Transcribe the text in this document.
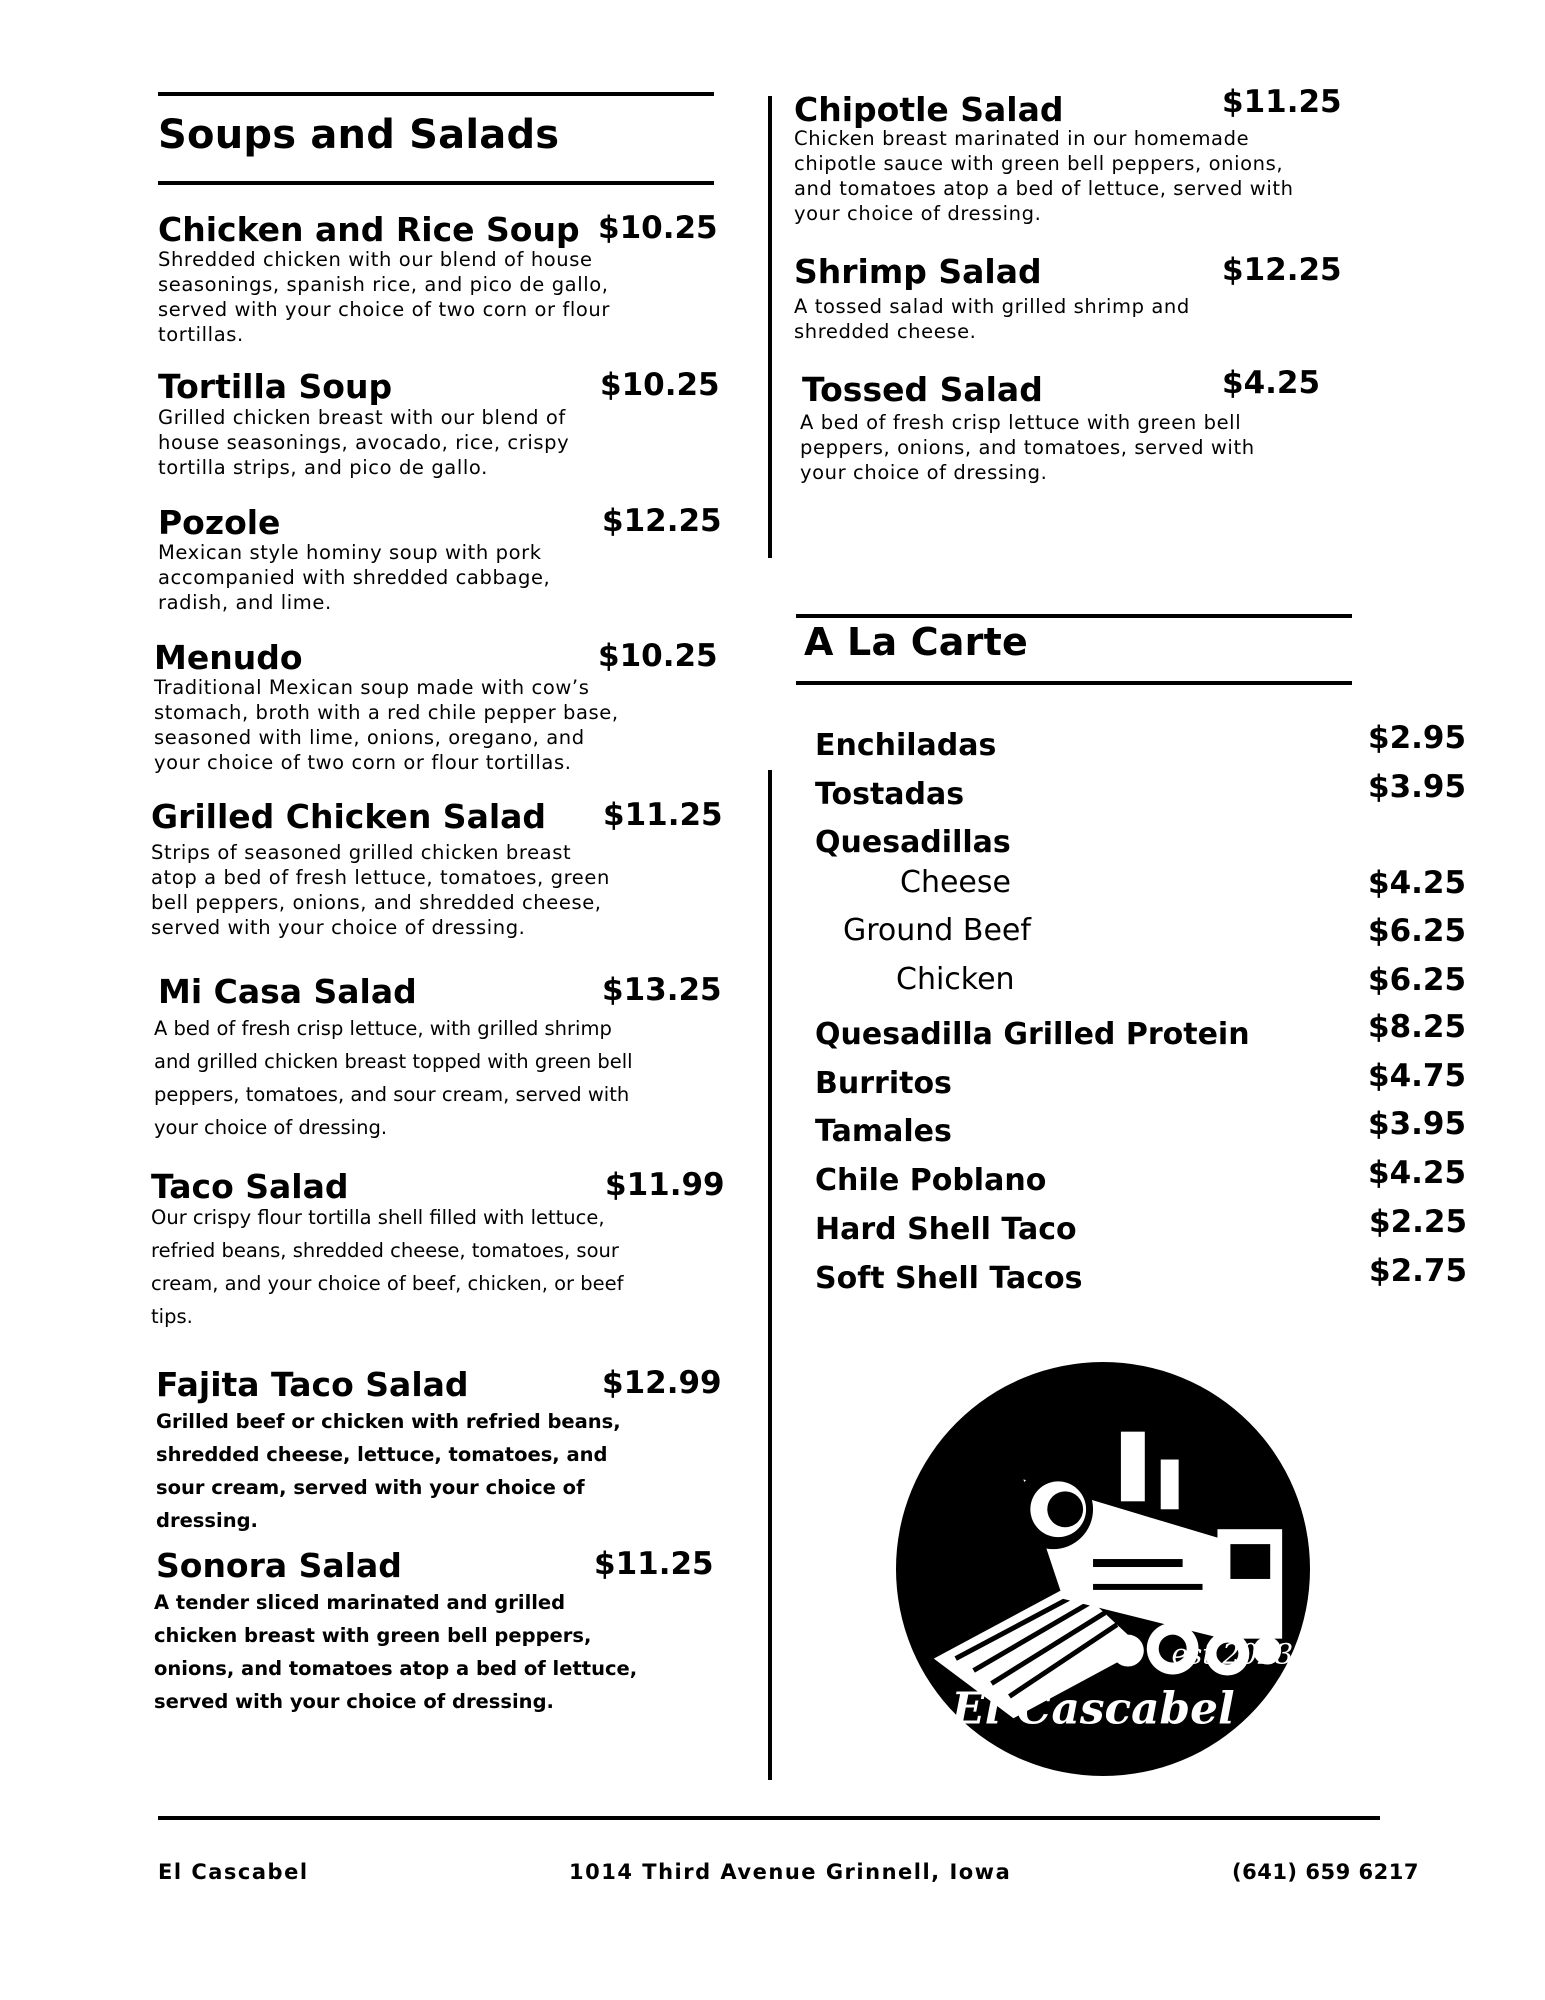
Soups and Salads
Chicken and Rice Soup $10.25
Shredded chicken with our blend of house seasonings, spanish rice, and pico de gallo, served with your choice of two corn or flour tortillas.
Tortilla Soup	$10.25
Grilled chicken breast with our blend of house seasonings, avocado, rice, crispy tortilla strips, and pico de gallo.
Pozole	$12.25
Mexican style hominy soup with pork accompanied with shredded cabbage, radish, and lime.
Menudo	$10.25
Traditional Mexican soup made with cow’s stomach, broth with a red chile pepper base, seasoned with lime, onions, oregano, and your choice of two corn or flour tortillas.
Grilled Chicken Salad $11.25
Strips of seasoned grilled chicken breast atop a bed of fresh lettuce, tomatoes, green bell peppers, onions, and shredded cheese, served with your choice of dressing.
Mi Casa Salad	$13.25
A bed of fresh crisp lettuce, with grilled shrimp and grilled chicken breast topped with green bell peppers, tomatoes, and sour cream, served with your choice of dressing.
Taco Salad	$11.99
Our crispy flour tortilla shell filled with lettuce, refried beans, shredded cheese, tomatoes, sour cream, and your choice of beef, chicken, or beef tips.
Fajita Taco Salad	$12.99
Grilled beef or chicken with refried beans, shredded cheese, lettuce, tomatoes, and sour cream, served with your choice of dressing.
Sonora Salad	$11.25
A tender sliced marinated and grilled chicken breast with green bell peppers, onions, and tomatoes atop a bed of lettuce, served with your choice of dressing.
Chipotle Salad	$11.25
Chicken breast marinated in our homemade chipotle sauce with green bell peppers, onions, and tomatoes atop a bed of lettuce, served with your choice of dressing.
Shrimp Salad	$12.25
A tossed salad with grilled shrimp and shredded cheese.
Tossed Salad	$4.25
A bed of fresh crisp lettuce with green bell peppers, onions, and tomatoes, served with your choice of dressing.
A La Carte
Enchiladas	$2.95
Tostadas	$3.95
Quesadillas
Cheese	$4.25
Ground Beef	$6.25
Chicken	$6.25
Quesadilla Grilled Protein	$8.25
Burritos	$4.75
Tamales	$3.95
Chile Poblano	$4.25
Hard Shell Taco	$2.25
Soft Shell Tacos	$2.75
est.2023
El Cascabel
El Cascabel	1014 Third Avenue Grinnell, Iowa	(641) 659 6217
